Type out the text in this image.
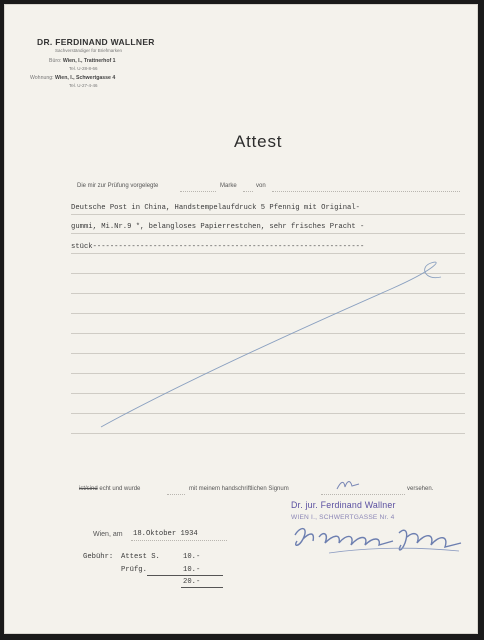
DR. FERDINAND WALLNER
Sachverständiger für Briefmarken
Büro: Wien, I., Trattnerhof 1
Tel. U-28-8-66
Wohnung: Wien, I., Schwertgasse 4
Tel. U-27-4-46
Attest
Die mir zur Prüfung vorgelegte	Marke	von
Deutsche Post in China, Handstempelaufdruck 5 Pfennig mit Original-
gummi, Mi.Nr.9 *, belangloses Papierrestchen, sehr frisches Pracht -
stück---------------------------------------------------------------
ist/sind echt und wurde	mit meinem handschriftlichen Signum	versehen.
Dr. jur. Ferdinand Wallner
WIEN I., SCHWERTGASSE Nr. 4
Wien, am 18.Oktober 1934
Gebühr: Attest S.	10.-
Prüfg.	10.-
20.-
